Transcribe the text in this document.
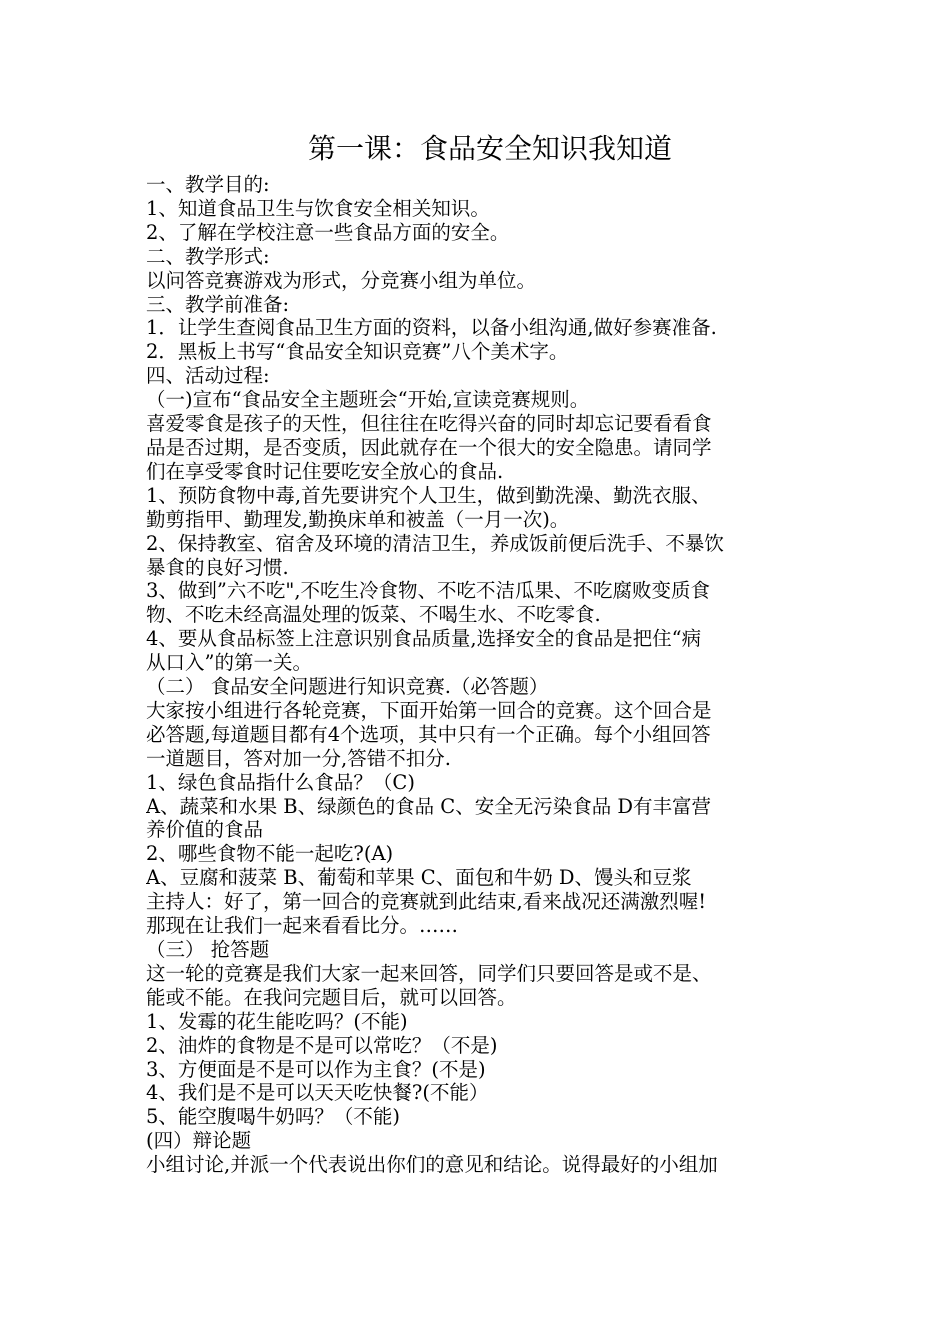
第一课：食品安全知识我知道

一、教学目的:

1、知道食品卫生与饮食安全相关知识。

2、了解在学校注意一些食品方面的安全。

二、教学形式:

以问答竞赛游戏为形式，分竞赛小组为单位。

三、教学前准备:

1．让学生查阅食品卫生方面的资料，以备小组沟通,做好参赛准备.

2．黑板上书写“食品安全知识竞赛”八个美术字。

四、活动过程:

（一)宣布“食品安全主题班会“开始,宣读竞赛规则。

喜爱零食是孩子的天性，但往往在吃得兴奋的同时却忘记要看看食

品是否过期，是否变质，因此就存在一个很大的安全隐患。请同学

们在享受零食时记住要吃安全放心的食品.

1、预防食物中毒,首先要讲究个人卫生，做到勤洗澡、勤洗衣服、

勤剪指甲、勤理发,勤换床单和被盖（一月一次)。

2、保持教室、宿舍及环境的清洁卫生，养成饭前便后洗手、不暴饮

暴食的良好习惯.

3、做到”六不吃",不吃生冷食物、不吃不洁瓜果、不吃腐败变质食

物、不吃未经高温处理的饭菜、不喝生水、不吃零食.

4、要从食品标签上注意识别食品质量,选择安全的食品是把住“病

从口入”的第一关。

（二） 食品安全问题进行知识竞赛.（必答题）

大家按小组进行各轮竞赛，下面开始第一回合的竞赛。这个回合是

必答题,每道题目都有4个选项，其中只有一个正确。每个小组回答

一道题目，答对加一分,答错不扣分.

1、绿色食品指什么食品？（C)

A、蔬菜和水果 B、绿颜色的食品 C、安全无污染食品 D有丰富营

养价值的食品

2、哪些食物不能一起吃?(A)

A、豆腐和菠菜 B、葡萄和苹果 C、面包和牛奶 D、馒头和豆浆

主持人：好了，第一回合的竞赛就到此结束,看来战况还满激烈喔!

那现在让我们一起来看看比分。……

（三） 抢答题

这一轮的竞赛是我们大家一起来回答，同学们只要回答是或不是、

能或不能。在我问完题目后，就可以回答。

1、发霉的花生能吃吗？(不能)

2、油炸的食物是不是可以常吃？（不是)

3、方便面是不是可以作为主食？(不是)

4、我们是不是可以天天吃快餐?(不能）

5、能空腹喝牛奶吗？（不能)

(四）辩论题

小组讨论,并派一个代表说出你们的意见和结论。说得最好的小组加
